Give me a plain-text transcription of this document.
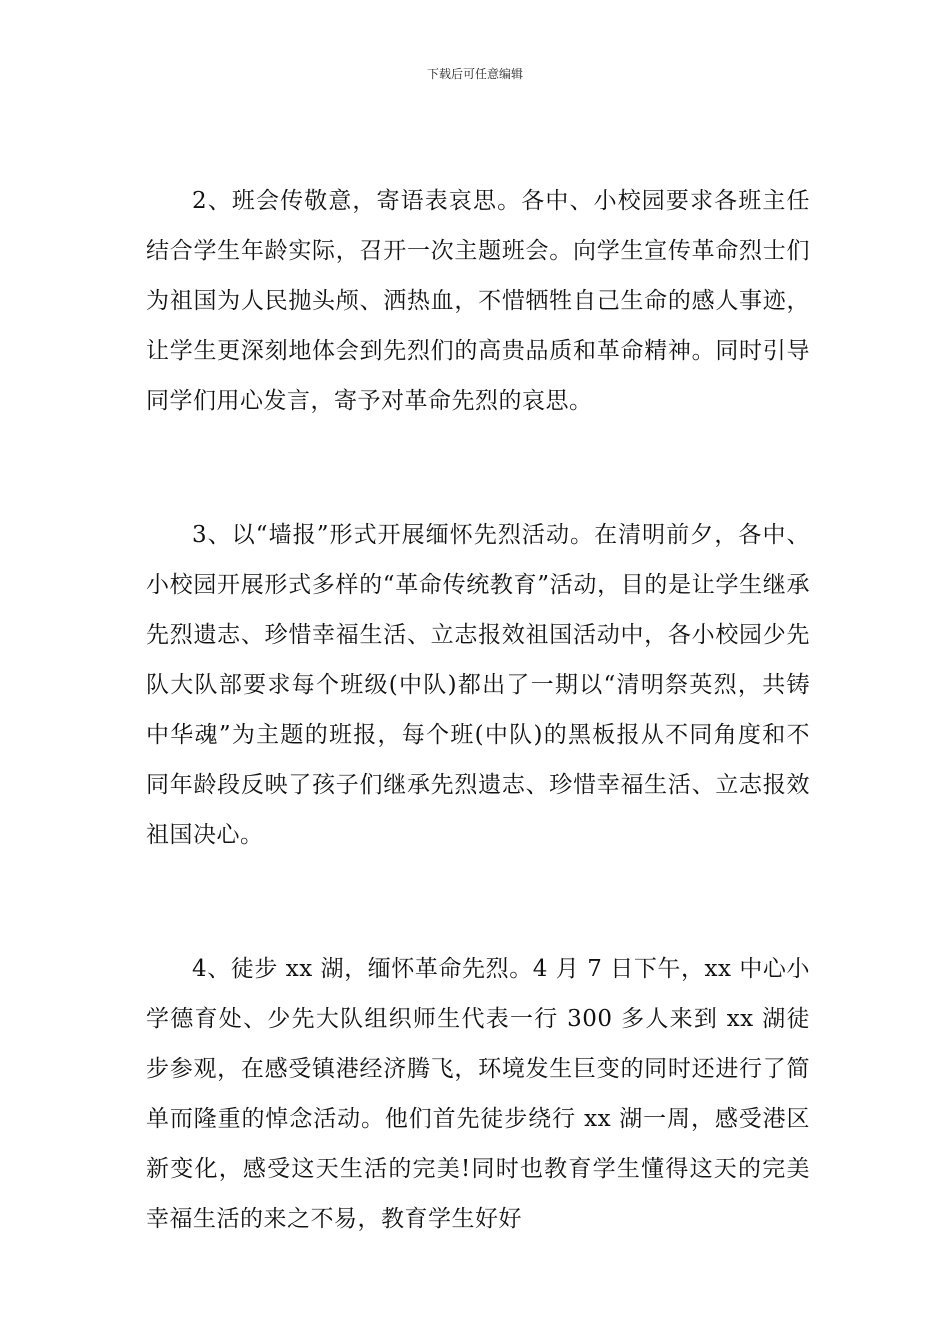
下载后可任意编辑

2、班会传敬意，寄语表哀思。各中、小校园要求各班主任结合学生年龄实际，召开一次主题班会。向学生宣传革命烈士们为祖国为人民抛头颅、洒热血，不惜牺牲自己生命的感人事迹，让学生更深刻地体会到先烈们的高贵品质和革命精神。同时引导同学们用心发言，寄予对革命先烈的哀思。

3、以“墙报”形式开展缅怀先烈活动。在清明前夕，各中、小校园开展形式多样的“革命传统教育”活动，目的是让学生继承先烈遗志、珍惜幸福生活、立志报效祖国活动中，各小校园少先队大队部要求每个班级(中队)都出了一期以“清明祭英烈，共铸中华魂”为主题的班报，每个班(中队)的黑板报从不同角度和不同年龄段反映了孩子们继承先烈遗志、珍惜幸福生活、立志报效祖国决心。

4、徒步 xx 湖，缅怀革命先烈。4 月 7 日下午，xx 中心小学德育处、少先大队组织师生代表一行 300 多人来到 xx 湖徒步参观，在感受镇港经济腾飞，环境发生巨变的同时还进行了简单而隆重的悼念活动。他们首先徒步绕行 xx 湖一周，感受港区新变化，感受这天生活的完美!同时也教育学生懂得这天的完美幸福生活的来之不易，教育学生好好
